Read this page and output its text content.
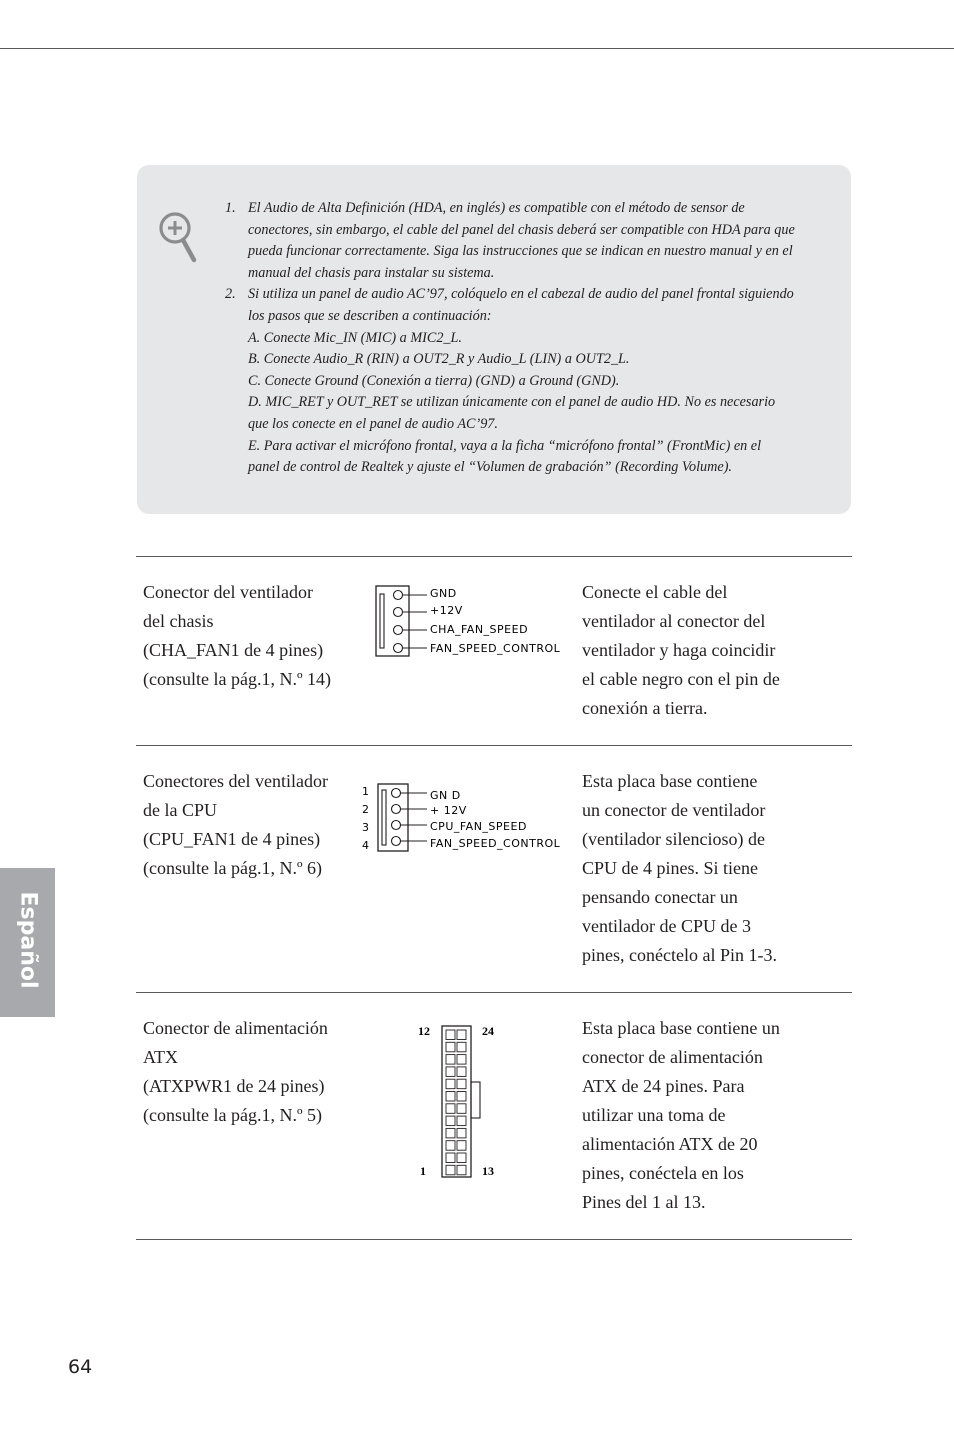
1. El Audio de Alta Definición (HDA, en inglés) es compatible con el método de sensor de conectores, sin embargo, el cable del panel del chasis deberá ser compatible con HDA para que pueda funcionar correctamente. Siga las instrucciones que se indican en nuestro manual y en el manual del chasis para instalar su sistema.
2. Si utiliza un panel de audio AC’97, colóquelo en el cabezal de audio del panel frontal siguiendo los pasos que se describen a continuación:
A. Conecte Mic_IN (MIC) a MIC2_L.
B. Conecte Audio_R (RIN) a OUT2_R y Audio_L (LIN) a OUT2_L.
C. Conecte Ground (Conexión a tierra) (GND) a Ground (GND).
D. MIC_RET y OUT_RET se utilizan únicamente con el panel de audio HD. No es necesario que los conecte en el panel de audio AC’97.
E. Para activar el micrófono frontal, vaya a la ficha “micrófono frontal” (FrontMic) en el panel de control de Realtek y ajuste el “Volumen de grabación” (Recording Volume).
Conector del ventilador
del chasis
(CHA_FAN1 de 4 pines)
(consulte la pág.1, N.º 14)
GND
+12V
CHA_FAN_SPEED
FAN_SPEED_CONTROL
Conecte el cable del
ventilador al conector del
ventilador y haga coincidir
el cable negro con el pin de
conexión a tierra.
Conectores del ventilador
de la CPU
(CPU_FAN1 de 4 pines)
(consulte la pág.1, N.º 6)
1
2
3
4
GN D
+ 12V
CPU_FAN_SPEED
FAN_SPEED_CONTROL
Esta placa base contiene
un conector de ventilador
(ventilador silencioso) de
CPU de 4 pines. Si tiene
pensando conectar un
ventilador de CPU de 3
pines, conéctelo al Pin 1-3.
Conector de alimentación
ATX
(ATXPWR1 de 24 pines)
(consulte la pág.1, N.º 5)
12	24
1	13
Esta placa base contiene un
conector de alimentación
ATX de 24 pines. Para
utilizar una toma de
alimentación ATX de 20
pines, conéctela en los
Pines del 1 al 13.
Español
64
